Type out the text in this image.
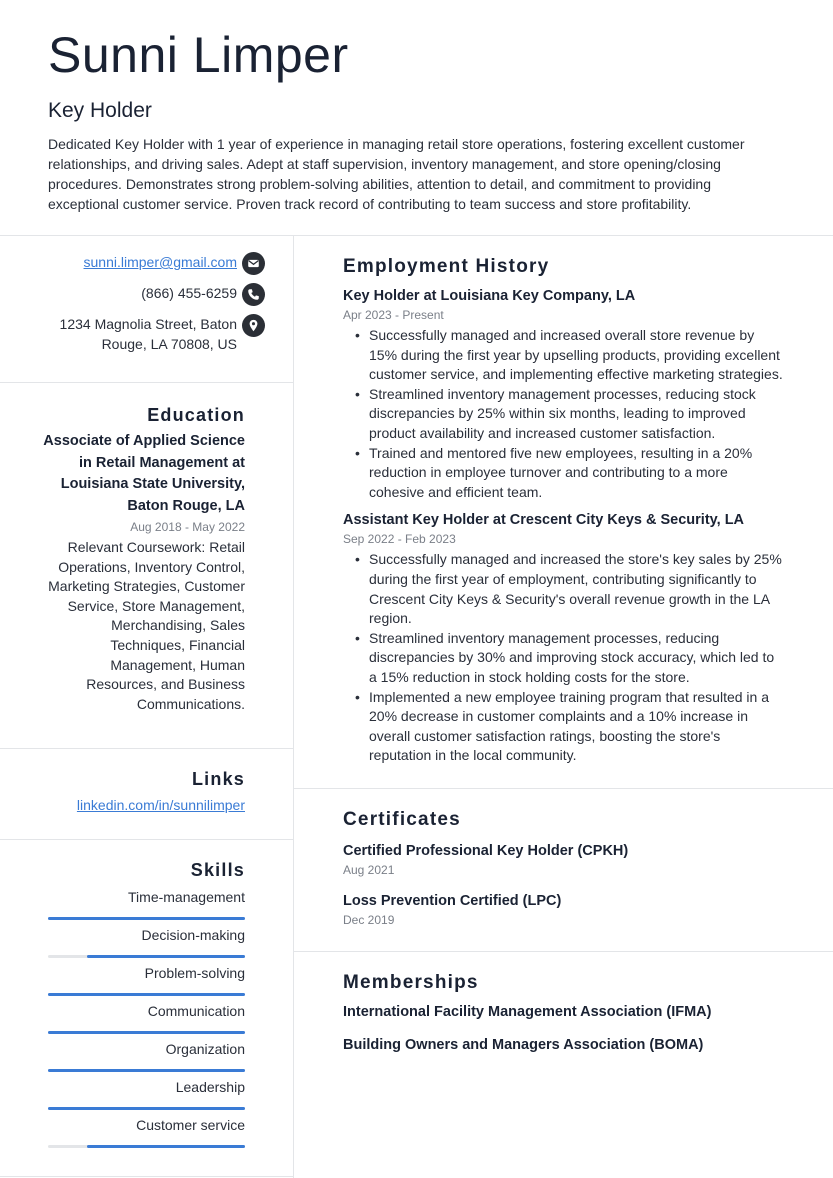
Sunni Limper
Key Holder

Dedicated Key Holder with 1 year of experience in managing retail store operations, fostering excellent customer relationships, and driving sales. Adept at staff supervision, inventory management, and store opening/closing procedures. Demonstrates strong problem-solving abilities, attention to detail, and commitment to providing exceptional customer service. Proven track record of contributing to team success and store profitability.

sunni.limper@gmail.com
(866) 455-6259
1234 Magnolia Street, Baton Rouge, LA 70808, US
Education
Associate of Applied Science in Retail Management at Louisiana State University, Baton Rouge, LA
Aug 2018 - May 2022
Relevant Coursework: Retail Operations, Inventory Control, Marketing Strategies, Customer Service, Store Management, Merchandising, Sales Techniques, Financial Management, Human Resources, and Business Communications.
Links
linkedin.com/in/sunnilimper
Skills
Time-management
Decision-making
Problem-solving
Communication
Organization
Leadership
Customer service
Employment History
Key Holder at Louisiana Key Company, LA
Apr 2023 - Present
• Successfully managed and increased overall store revenue by 15% during the first year by upselling products, providing excellent customer service, and implementing effective marketing strategies.
• Streamlined inventory management processes, reducing stock discrepancies by 25% within six months, leading to improved product availability and increased customer satisfaction.
• Trained and mentored five new employees, resulting in a 20% reduction in employee turnover and contributing to a more cohesive and efficient team.
Assistant Key Holder at Crescent City Keys & Security, LA
Sep 2022 - Feb 2023
• Successfully managed and increased the store's key sales by 25% during the first year of employment, contributing significantly to Crescent City Keys & Security's overall revenue growth in the LA region.
• Streamlined inventory management processes, reducing discrepancies by 30% and improving stock accuracy, which led to a 15% reduction in stock holding costs for the store.
• Implemented a new employee training program that resulted in a 20% decrease in customer complaints and a 10% increase in overall customer satisfaction ratings, boosting the store's reputation in the local community.
Certificates
Certified Professional Key Holder (CPKH)
Aug 2021
Loss Prevention Certified (LPC)
Dec 2019
Memberships
International Facility Management Association (IFMA)
Building Owners and Managers Association (BOMA)
